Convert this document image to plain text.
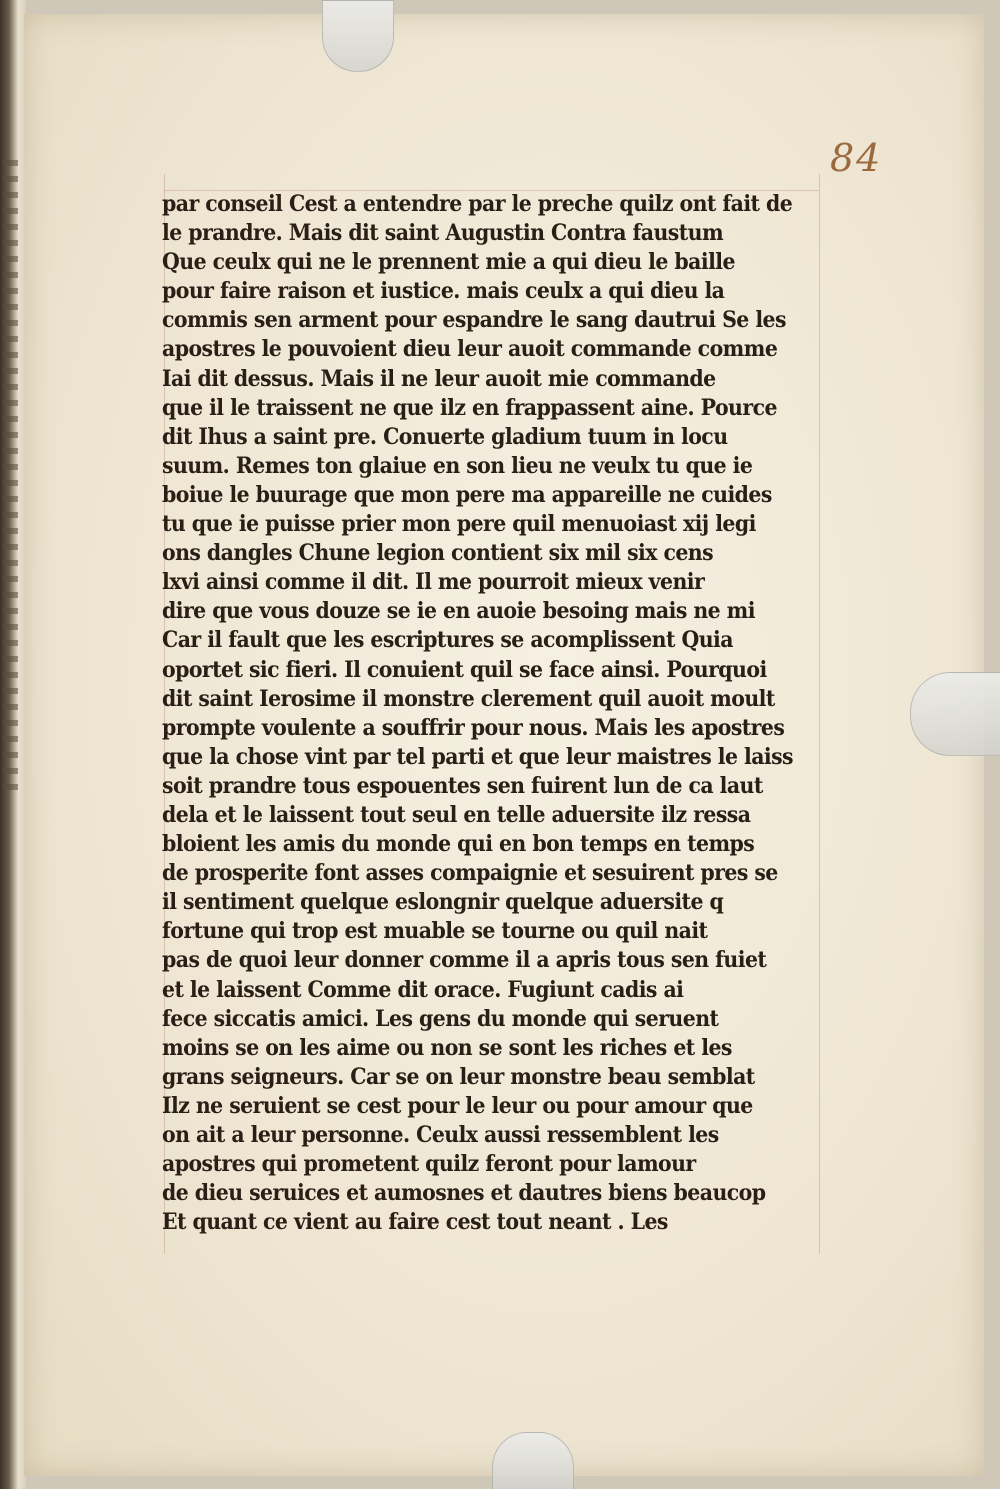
84
par conseil Cest a entendre par le preche quilz ont fait de
le prandre. Mais dit saint Augustin Contra faustum
Que ceulx qui ne le prennent mie a qui dieu le baille
pour faire raison et iustice. mais ceulx a qui dieu la
commis sen arment pour espandre le sang dautrui Se les
apostres le pouvoient dieu leur auoit commande comme
Iai dit dessus. Mais il ne leur auoit mie commande
que il le traissent ne que ilz en frappassent aine. Pource
dit Ihus a saint pre. Conuerte gladium tuum in locu
suum. Remes ton glaiue en son lieu ne veulx tu que ie
boiue le buurage que mon pere ma appareille ne cuides
tu que ie puisse prier mon pere quil menuoiast xij legi
ons dangles Chune legion contient six mil six cens
lxvi ainsi comme il dit. Il me pourroit mieux venir
dire que vous douze se ie en auoie besoing mais ne mi
Car il fault que les escriptures se acomplissent Quia
oportet sic fieri. Il conuient quil se face ainsi. Pourquoi
dit saint Ierosime il monstre clerement quil auoit moult
prompte voulente a souffrir pour nous. Mais les apostres
que la chose vint par tel parti et que leur maistres le laiss
soit prandre tous espouentes sen fuirent lun de ca laut
dela et le laissent tout seul en telle aduersite ilz ressa
bloient les amis du monde qui en bon temps en temps
de prosperite font asses compaignie et sesuirent pres se
il sentiment quelque eslongnir quelque aduersite q
fortune qui trop est muable se tourne ou quil nait
pas de quoi leur donner comme il a apris tous sen fuiet
et le laissent Comme dit orace. Fugiunt cadis ai
fece siccatis amici. Les gens du monde qui seruent
moins se on les aime ou non se sont les riches et les
grans seigneurs. Car se on leur monstre beau semblat
Ilz ne seruient se cest pour le leur ou pour amour que
on ait a leur personne. Ceulx aussi ressemblent les
apostres qui prometent quilz feront pour lamour
de dieu seruices et aumosnes et dautres biens beaucop
Et quant ce vient au faire cest tout neant . Les
